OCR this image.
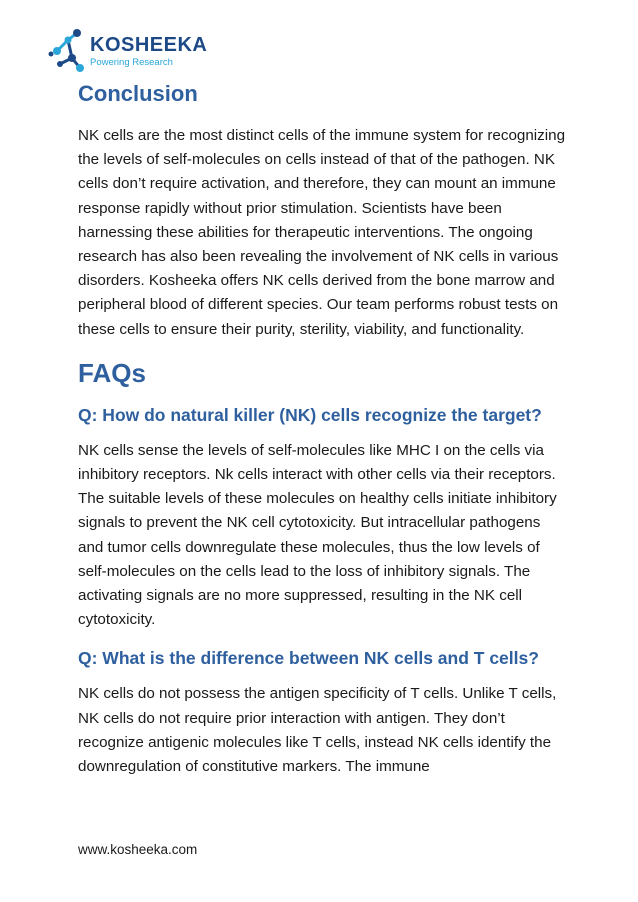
KOSHEEKA
Powering Research
Conclusion

NK cells are the most distinct cells of the immune system for recognizing the levels of self-molecules on cells instead of that of the pathogen. NK cells don’t require activation, and therefore, they can mount an immune response rapidly without prior stimulation. Scientists have been harnessing these abilities for therapeutic interventions. The ongoing research has also been revealing the involvement of NK cells in various disorders. Kosheeka offers NK cells derived from the bone marrow and peripheral blood of different species. Our team performs robust tests on these cells to ensure their purity, sterility, viability, and functionality.

FAQs
Q: How do natural killer (NK) cells recognize the target?

NK cells sense the levels of self-molecules like MHC I on the cells via inhibitory receptors. Nk cells interact with other cells via their receptors. The suitable levels of these molecules on healthy cells initiate inhibitory signals to prevent the NK cell cytotoxicity. But intracellular pathogens and tumor cells downregulate these molecules, thus the low levels of self-molecules on the cells lead to the loss of inhibitory signals. The activating signals are no more suppressed, resulting in the NK cell cytotoxicity.

Q: What is the difference between NK cells and T cells?

NK cells do not possess the antigen specificity of T cells. Unlike T cells, NK cells do not require prior interaction with antigen. They don’t recognize antigenic molecules like T cells, instead NK cells identify the downregulation of constitutive markers. The immune

www.kosheeka.com
